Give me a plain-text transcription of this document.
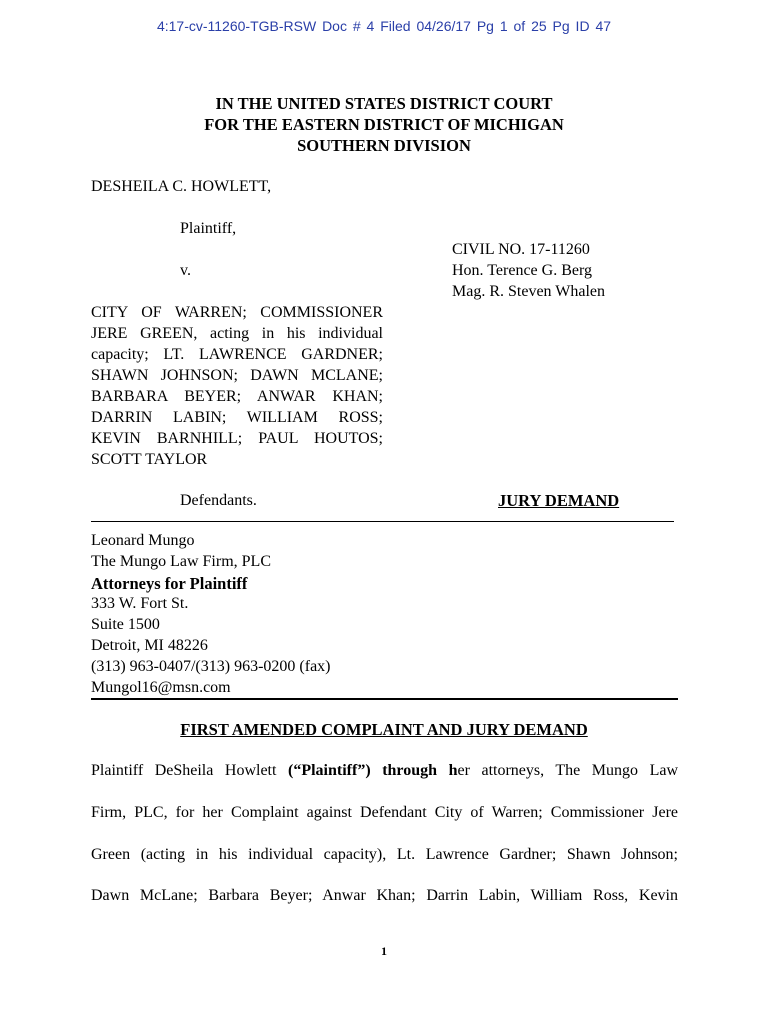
4:17-cv-11260-TGB-RSW Doc # 4 Filed 04/26/17 Pg 1 of 25 Pg ID 47
IN THE UNITED STATES DISTRICT COURT
FOR THE EASTERN DISTRICT OF MICHIGAN
SOUTHERN DIVISION
DESHEILA C. HOWLETT,
Plaintiff,
v.
CIVIL NO. 17-11260
Hon. Terence G. Berg
Mag. R. Steven Whalen
CITY OF WARREN; COMMISSIONER
JERE GREEN, acting in his individual
capacity; LT. LAWRENCE GARDNER;
SHAWN JOHNSON; DAWN MCLANE;
BARBARA BEYER; ANWAR KHAN;
DARRIN LABIN; WILLIAM ROSS;
KEVIN BARNHILL; PAUL HOUTOS;
SCOTT TAYLOR
Defendants.	JURY DEMAND
Leonard Mungo
The Mungo Law Firm, PLC
Attorneys for Plaintiff
333 W. Fort St.
Suite 1500
Detroit, MI 48226
(313) 963-0407/(313) 963-0200 (fax)
Mungol16@msn.com
FIRST AMENDED COMPLAINT AND JURY DEMAND
Plaintiff DeSheila Howlett (“Plaintiff”) through her attorneys, The Mungo Law
Firm, PLC, for her Complaint against Defendant City of Warren; Commissioner Jere
Green (acting in his individual capacity), Lt. Lawrence Gardner; Shawn Johnson;
Dawn McLane; Barbara Beyer; Anwar Khan; Darrin Labin, William Ross, Kevin
1
